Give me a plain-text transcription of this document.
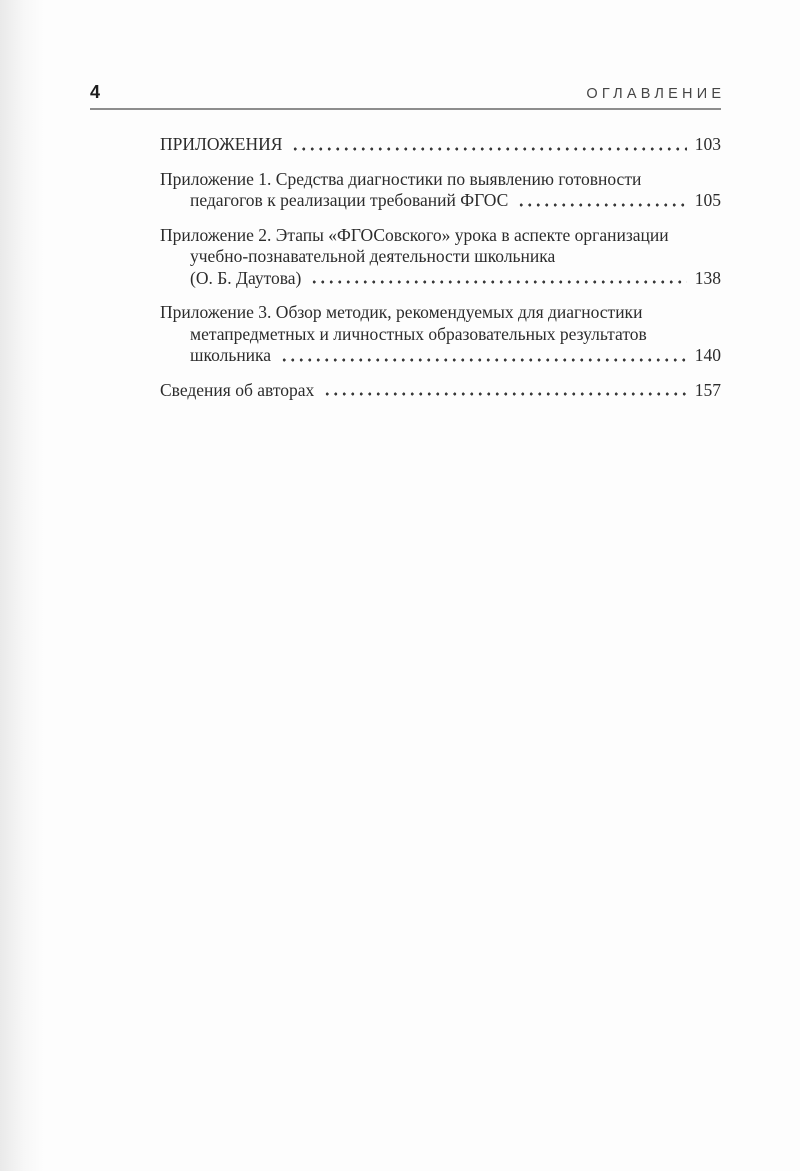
4	ОГЛАВЛЕНИЕ
ПРИЛОЖЕНИЯ	103
Приложение 1. Средства диагностики по выявлению готовности
педагогов к реализации требований ФГОС	105
Приложение 2. Этапы «ФГОСовского» урока в аспекте организации
учебно-познавательной деятельности школьника
(О. Б. Даутова)	138
Приложение 3. Обзор методик, рекомендуемых для диагностики
метапредметных и личностных образовательных результатов
школьника	140
Сведения об авторах	157
